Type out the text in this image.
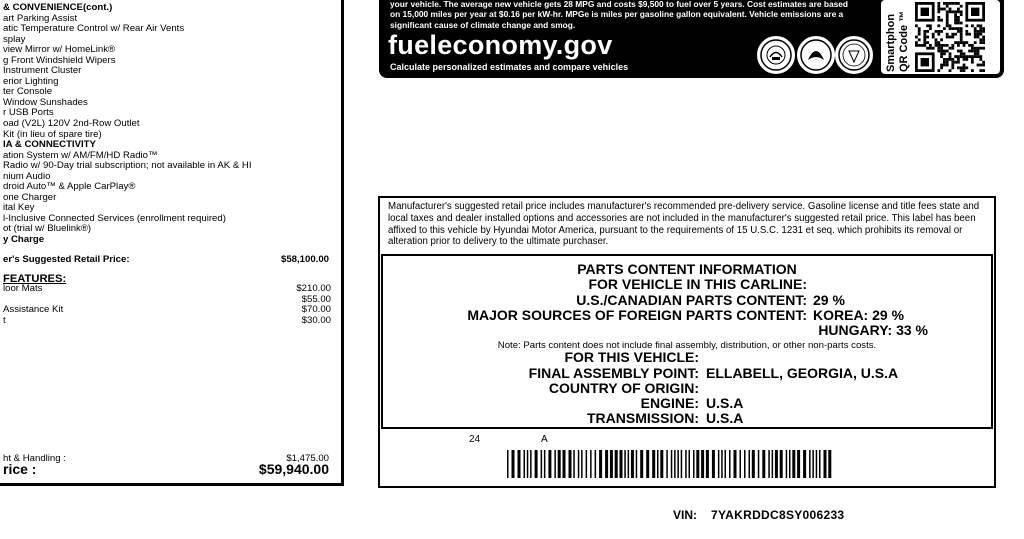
& CONVENIENCE(cont.)
art Parking Assist
atic Temperature Control w/ Rear Air Vents
splay
view Mirror w/ HomeLink®
g Front Windshield Wipers
Instrument Cluster
erior Lighting
ter Console
Window Sunshades
r USB Ports
oad (V2L) 120V 2nd-Row Outlet
Kit (in lieu of spare tire)
IA & CONNECTIVITY
ation System w/ AM/FM/HD Radio™
Radio w/ 90-Day trial subscription; not available in AK & HI
nium Audio
droid Auto™ & Apple CarPlay®
one Charger
ital Key
l-Inclusive Connected Services (enrollment required)
ot (trial w/ Bluelink®)
y Charge
er's Suggested Retail Price:	$58,100.00
FEATURES:
loor Mats	$210.00
$55.00
Assistance Kit	$70.00
t	$30.00
ht & Handling :	$1,475.00
rice :	$59,940.00
your vehicle. The average new vehicle gets 28 MPG and costs $9,500 to fuel over 5 years. Cost estimates are based on 15,000 miles per year at $0.16 per kW-hr. MPGe is miles per gasoline gallon equivalent. Vehicle emissions are a significant cause of climate change and smog.
fueleconomy.gov
Calculate personalized estimates and compare vehicles	Smartphon QR Code ™
Manufacturer's suggested retail price includes manufacturer's recommended pre-delivery service. Gasoline license and title fees state and local taxes and dealer installed options and accessories are not included in the manufacturer's suggested retail price. This label has been affixed to this vehicle by Hyundai Motor America, pursuant to the requirements of 15 U.S.C. 1231 et seq. which prohibits its removal or alteration prior to delivery to the ultimate purchaser.
PARTS CONTENT INFORMATION
FOR VEHICLE IN THIS CARLINE:
U.S./CANADIAN PARTS CONTENT: 29 %
MAJOR SOURCES OF FOREIGN PARTS CONTENT: KOREA: 29 %
HUNGARY: 33 %
Note: Parts content does not include final assembly, distribution, or other non-parts costs.
FOR THIS VEHICLE:
FINAL ASSEMBLY POINT: ELLABELL, GEORGIA, U.S.A
COUNTRY OF ORIGIN:
ENGINE: U.S.A
TRANSMISSION: U.S.A
24	A
VIN: 7YAKRDDC8SY006233
